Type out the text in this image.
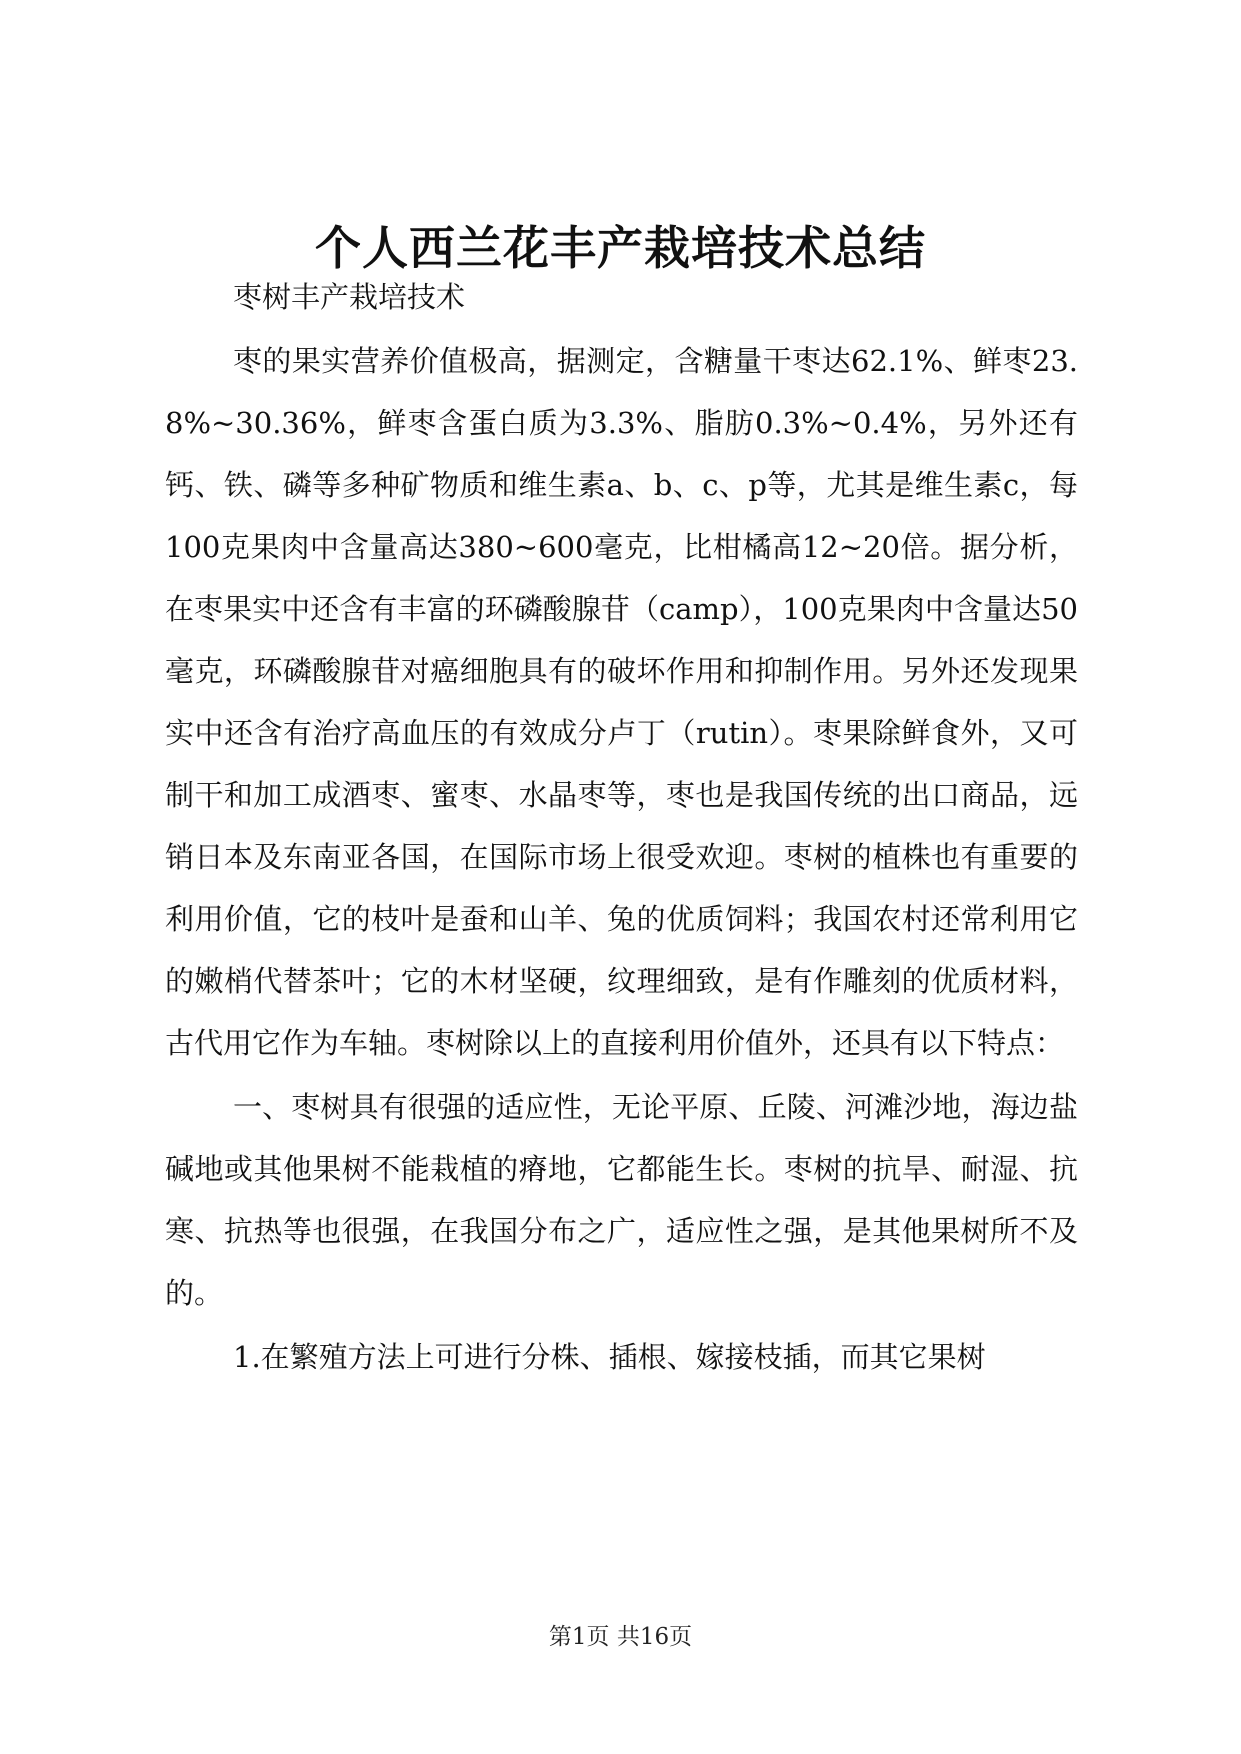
个人西兰花丰产栽培技术总结

枣树丰产栽培技术

枣的果实营养价值极高，据测定，含糖量干枣达62.1%、鲜枣23.8%~30.36%，鲜枣含蛋白质为3.3%、脂肪0.3%~0.4%，另外还有钙、铁、磷等多种矿物质和维生素a、b、c、p等，尤其是维生素c，每100克果肉中含量高达380~600毫克，比柑橘高12~20倍。据分析，在枣果实中还含有丰富的环磷酸腺苷（camp），100克果肉中含量达50毫克，环磷酸腺苷对癌细胞具有的破坏作用和抑制作用。另外还发现果实中还含有治疗高血压的有效成分卢丁（rutin）。枣果除鲜食外，又可制干和加工成酒枣、蜜枣、水晶枣等，枣也是我国传统的出口商品，远销日本及东南亚各国，在国际市场上很受欢迎。枣树的植株也有重要的利用价值，它的枝叶是蚕和山羊、兔的优质饲料；我国农村还常利用它的嫩梢代替茶叶；它的木材坚硬，纹理细致，是有作雕刻的优质材料，古代用它作为车轴。枣树除以上的直接利用价值外，还具有以下特点：

一、枣树具有很强的适应性，无论平原、丘陵、河滩沙地，海边盐碱地或其他果树不能栽植的瘠地，它都能生长。枣树的抗旱、耐湿、抗寒、抗热等也很强，在我国分布之广，适应性之强，是其他果树所不及的。

1.在繁殖方法上可进行分株、插根、嫁接枝插，而其它果树

第1页 共16页
